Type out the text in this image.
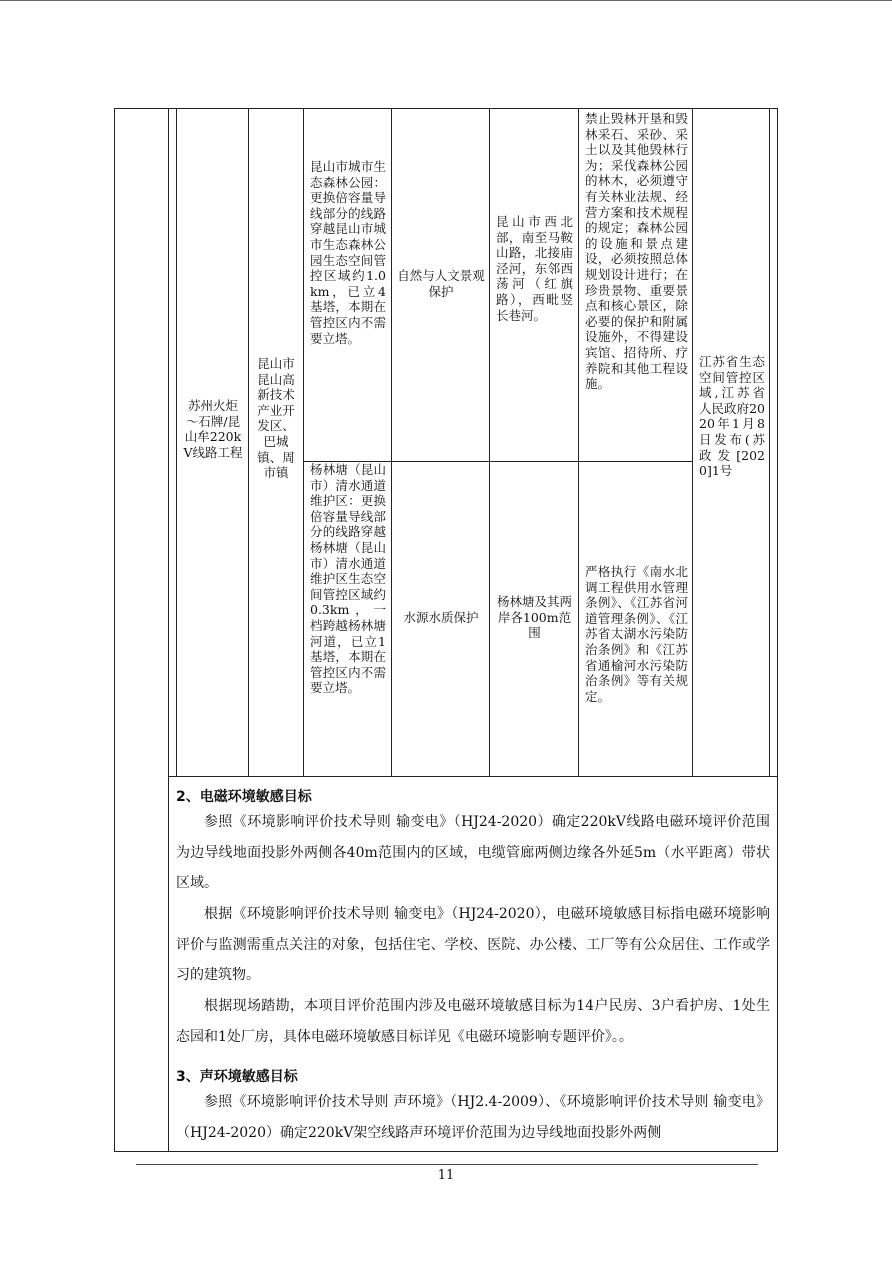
苏州火炬～石牌/昆山牟220kV线路工程
昆山市昆山高新技术产业开发区、巴城镇、周市镇
昆山市城市生态森林公园：更换倍容量导线部分的线路穿越昆山市城市生态森林公园生态空间管控区域约1.0km，已立4基塔，本期在管控区内不需要立塔。
自然与人文景观保护
昆山市西北部，南至马鞍山路，北接庙泾河，东邻西荡河（红旗路），西毗竖长巷河。
禁止毁林开垦和毁林采石、采砂、采土以及其他毁林行为；采伐森林公园的林木，必须遵守有关林业法规、经营方案和技术规程的规定；森林公园的设施和景点建设，必须按照总体规划设计进行；在珍贵景物、重要景点和核心景区，除必要的保护和附属设施外，不得建设宾馆、招待所、疗养院和其他工程设施。
杨林塘（昆山市）清水通道维护区：更换倍容量导线部分的线路穿越杨林塘（昆山市）清水通道维护区生态空间管控区域约0.3km，一档跨越杨林塘河道，已立1基塔，本期在管控区内不需要立塔。
水源水质保护
杨林塘及其两岸各100m范围
严格执行《南水北调工程供用水管理条例》、《江苏省河道管理条例》、《江苏省太湖水污染防治条例》和《江苏省通榆河水污染防治条例》等有关规定。
江苏省生态空间管控区域,江苏省人民政府2020年1月8日发布(苏政发[2020]1号
2、电磁环境敏感目标
参照《环境影响评价技术导则 输变电》（HJ24-2020）确定220kV线路电磁环境评价范围为边导线地面投影外两侧各40m范围内的区域，电缆管廊两侧边缘各外延5m（水平距离）带状区域。
根据《环境影响评价技术导则 输变电》（HJ24-2020），电磁环境敏感目标指电磁环境影响评价与监测需重点关注的对象，包括住宅、学校、医院、办公楼、工厂等有公众居住、工作或学习的建筑物。
根据现场踏勘，本项目评价范围内涉及电磁环境敏感目标为14户民房、3户看护房、1处生态园和1处厂房，具体电磁环境敏感目标详见《电磁环境影响专题评价》。。
3、声环境敏感目标
参照《环境影响评价技术导则 声环境》（HJ2.4-2009）、《环境影响评价技术导则 输变电》（HJ24-2020）确定220kV架空线路声环境评价范围为边导线地面投影外两侧
11
